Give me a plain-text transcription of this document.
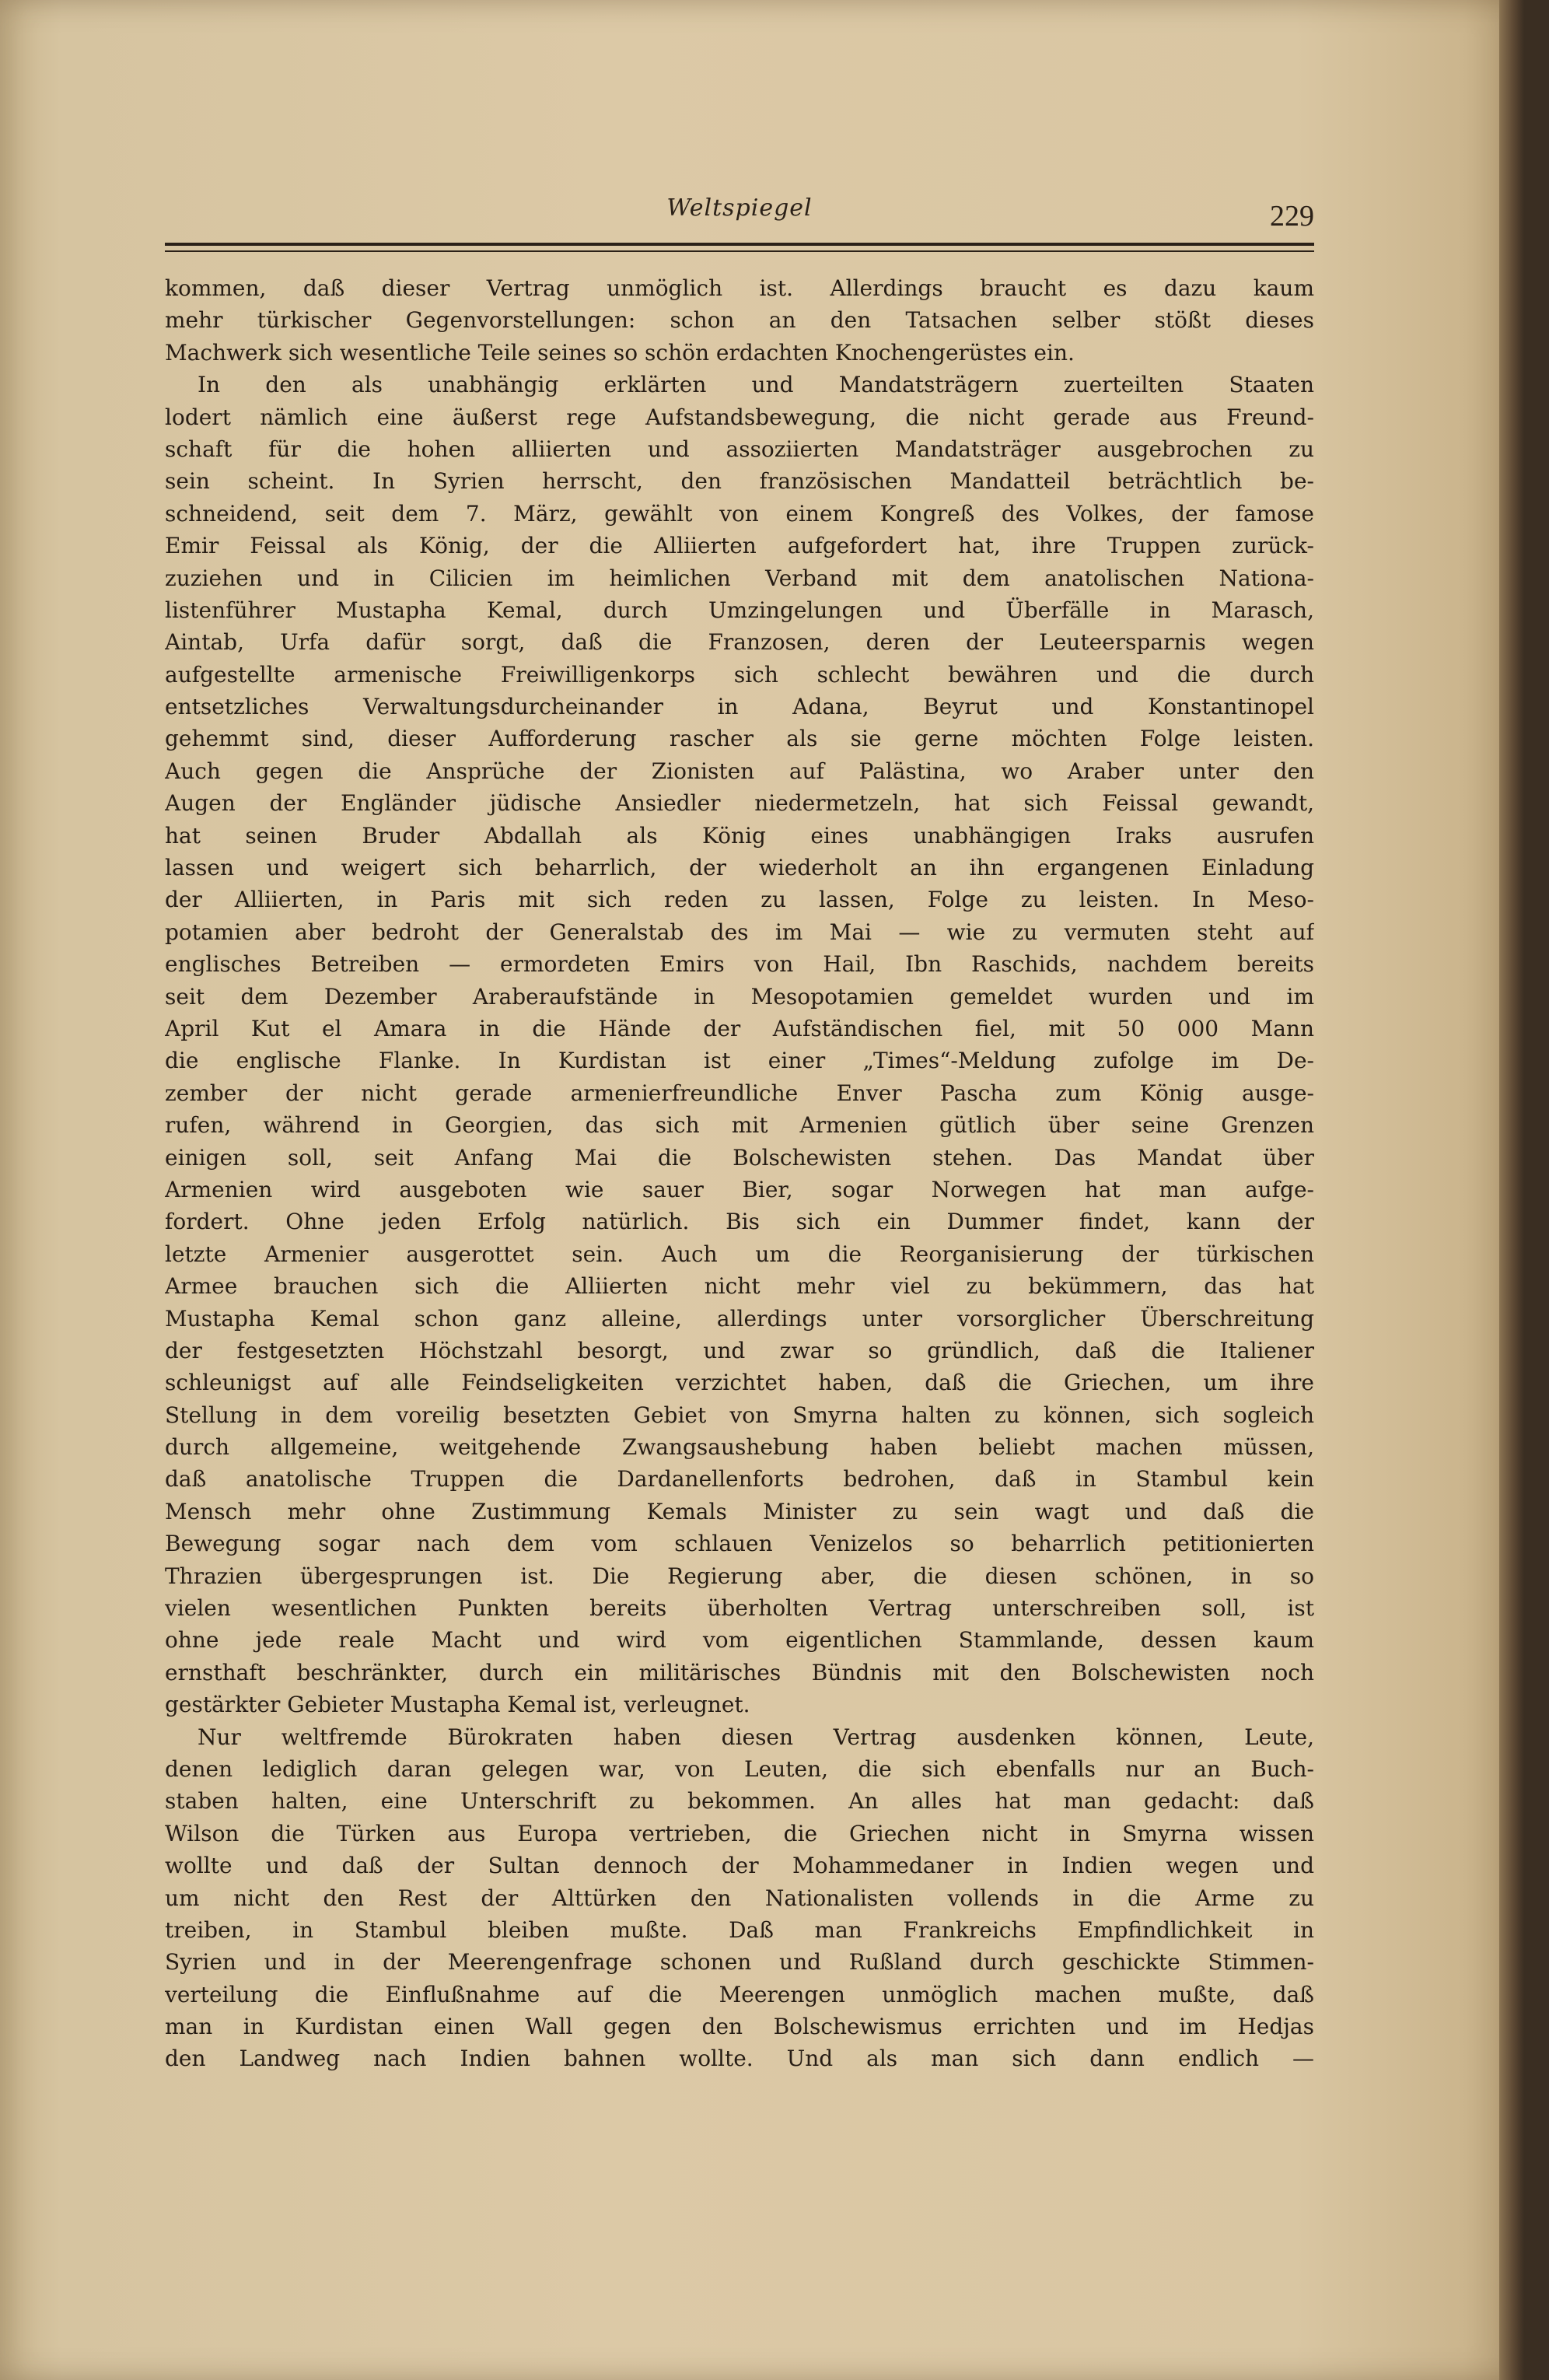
Weltspiegel	229
kommen, daß dieser Vertrag unmöglich ist. Allerdings braucht es dazu kaum
mehr türkischer Gegenvorstellungen: schon an den Tatsachen selber stößt dieses
Machwerk sich wesentliche Teile seines so schön erdachten Knochengerüstes ein.
In den als unabhängig erklärten und Mandatsträgern zuerteilten Staaten
lodert nämlich eine äußerst rege Aufstandsbewegung, die nicht gerade aus Freund-
schaft für die hohen alliierten und assoziierten Mandatsträger ausgebrochen zu
sein scheint. In Syrien herrscht, den französischen Mandatteil beträchtlich be-
schneidend, seit dem 7. März, gewählt von einem Kongreß des Volkes, der famose
Emir Feissal als König, der die Alliierten aufgefordert hat, ihre Truppen zurück-
zuziehen und in Cilicien im heimlichen Verband mit dem anatolischen Nationa-
listenführer Mustapha Kemal, durch Umzingelungen und Überfälle in Marasch,
Aintab, Urfa dafür sorgt, daß die Franzosen, deren der Leuteersparnis wegen
aufgestellte armenische Freiwilligenkorps sich schlecht bewähren und die durch
entsetzliches Verwaltungsdurcheinander in Adana, Beyrut und Konstantinopel
gehemmt sind, dieser Aufforderung rascher als sie gerne möchten Folge leisten.
Auch gegen die Ansprüche der Zionisten auf Palästina, wo Araber unter den
Augen der Engländer jüdische Ansiedler niedermetzeln, hat sich Feissal gewandt,
hat seinen Bruder Abdallah als König eines unabhängigen Iraks ausrufen
lassen und weigert sich beharrlich, der wiederholt an ihn ergangenen Einladung
der Alliierten, in Paris mit sich reden zu lassen, Folge zu leisten. In Meso-
potamien aber bedroht der Generalstab des im Mai — wie zu vermuten steht auf
englisches Betreiben — ermordeten Emirs von Hail, Ibn Raschids, nachdem bereits
seit dem Dezember Araberaufstände in Mesopotamien gemeldet wurden und im
April Kut el Amara in die Hände der Aufständischen fiel, mit 50 000 Mann
die englische Flanke. In Kurdistan ist einer „Times“-Meldung zufolge im De-
zember der nicht gerade armenierfreundliche Enver Pascha zum König ausge-
rufen, während in Georgien, das sich mit Armenien gütlich über seine Grenzen
einigen soll, seit Anfang Mai die Bolschewisten stehen. Das Mandat über
Armenien wird ausgeboten wie sauer Bier, sogar Norwegen hat man aufge-
fordert. Ohne jeden Erfolg natürlich. Bis sich ein Dummer findet, kann der
letzte Armenier ausgerottet sein. Auch um die Reorganisierung der türkischen
Armee brauchen sich die Alliierten nicht mehr viel zu bekümmern, das hat
Mustapha Kemal schon ganz alleine, allerdings unter vorsorglicher Überschreitung
der festgesetzten Höchstzahl besorgt, und zwar so gründlich, daß die Italiener
schleunigst auf alle Feindseligkeiten verzichtet haben, daß die Griechen, um ihre
Stellung in dem voreilig besetzten Gebiet von Smyrna halten zu können, sich sogleich
durch allgemeine, weitgehende Zwangsaushebung haben beliebt machen müssen,
daß anatolische Truppen die Dardanellenforts bedrohen, daß in Stambul kein
Mensch mehr ohne Zustimmung Kemals Minister zu sein wagt und daß die
Bewegung sogar nach dem vom schlauen Venizelos so beharrlich petitionierten
Thrazien übergesprungen ist. Die Regierung aber, die diesen schönen, in so
vielen wesentlichen Punkten bereits überholten Vertrag unterschreiben soll, ist
ohne jede reale Macht und wird vom eigentlichen Stammlande, dessen kaum
ernsthaft beschränkter, durch ein militärisches Bündnis mit den Bolschewisten noch
gestärkter Gebieter Mustapha Kemal ist, verleugnet.
Nur weltfremde Bürokraten haben diesen Vertrag ausdenken können, Leute,
denen lediglich daran gelegen war, von Leuten, die sich ebenfalls nur an Buch-
staben halten, eine Unterschrift zu bekommen. An alles hat man gedacht: daß
Wilson die Türken aus Europa vertrieben, die Griechen nicht in Smyrna wissen
wollte und daß der Sultan dennoch der Mohammedaner in Indien wegen und
um nicht den Rest der Alttürken den Nationalisten vollends in die Arme zu
treiben, in Stambul bleiben mußte. Daß man Frankreichs Empfindlichkeit in
Syrien und in der Meerengenfrage schonen und Rußland durch geschickte Stimmen-
verteilung die Einflußnahme auf die Meerengen unmöglich machen mußte, daß
man in Kurdistan einen Wall gegen den Bolschewismus errichten und im Hedjas
den Landweg nach Indien bahnen wollte. Und als man sich dann endlich —
